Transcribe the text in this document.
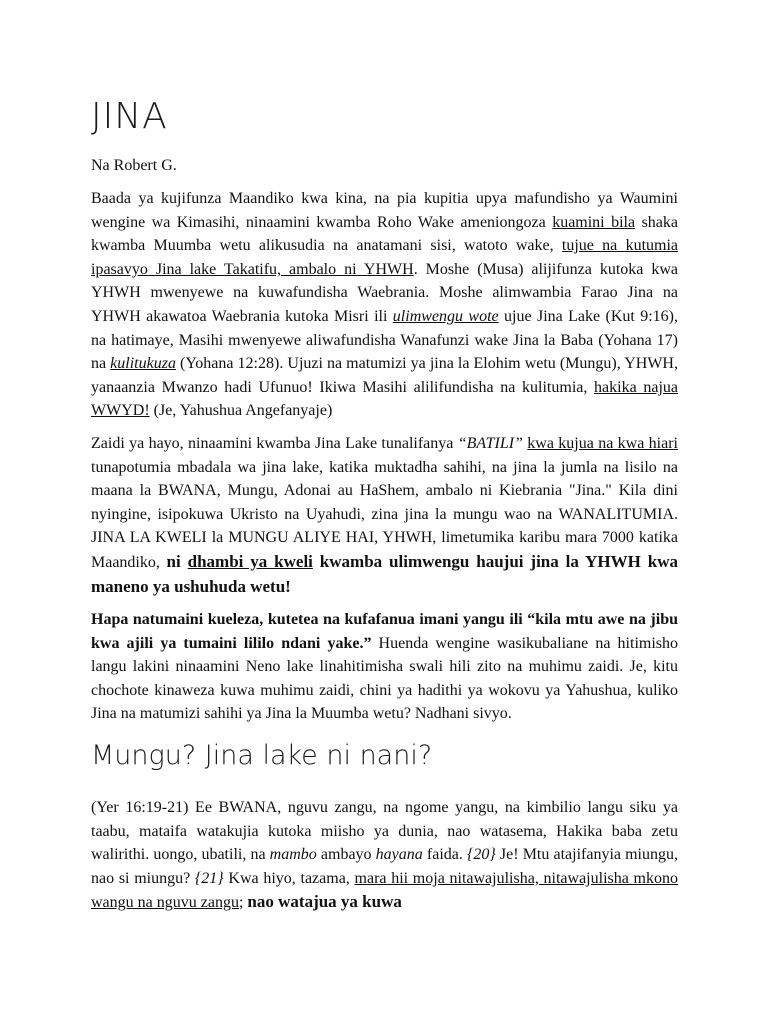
JINA

Na Robert G.

Baada ya kujifunza Maandiko kwa kina, na pia kupitia upya mafundisho ya Waumini wengine wa Kimasihi, ninaamini kwamba Roho Wake ameniongoza kuamini bila shaka kwamba Muumba wetu alikusudia na anatamani sisi, watoto wake, tujue na kutumia ipasavyo Jina lake Takatifu, ambalo ni YHWH. Moshe (Musa) alijifunza kutoka kwa YHWH mwenyewe na kuwafundisha Waebrania. Moshe alimwambia Farao Jina na YHWH akawatoa Waebrania kutoka Misri ili ulimwengu wote ujue Jina Lake (Kut 9:16), na hatimaye, Masihi mwenyewe aliwafundisha Wanafunzi wake Jina la Baba (Yohana 17) na kulitukuza (Yohana 12:28). Ujuzi na matumizi ya jina la Elohim wetu (Mungu), YHWH, yanaanzia Mwanzo hadi Ufunuo! Ikiwa Masihi alilifundisha na kulitumia, hakika najua WWYD! (Je, Yahushua Angefanyaje)

Zaidi ya hayo, ninaamini kwamba Jina Lake tunalifanya “BATILI” kwa kujua na kwa hiari tunapotumia mbadala wa jina lake, katika muktadha sahihi, na jina la jumla na lisilo na maana la BWANA, Mungu, Adonai au HaShem, ambalo ni Kiebrania "Jina." Kila dini nyingine, isipokuwa Ukristo na Uyahudi, zina jina la mungu wao na WANALITUMIA. JINA LA KWELI la MUNGU ALIYE HAI, YHWH, limetumika karibu mara 7000 katika Maandiko, ni dhambi ya kweli kwamba ulimwengu haujui jina la YHWH kwa maneno ya ushuhuda wetu!

Hapa natumaini kueleza, kutetea na kufafanua imani yangu ili “kila mtu awe na jibu kwa ajili ya tumaini lililo ndani yake.” Huenda wengine wasikubaliane na hitimisho langu lakini ninaamini Neno lake linahitimisha swali hili zito na muhimu zaidi. Je, kitu chochote kinaweza kuwa muhimu zaidi, chini ya hadithi ya wokovu ya Yahushua, kuliko Jina na matumizi sahihi ya Jina la Muumba wetu? Nadhani sivyo.

Mungu? Jina lake ni nani?

(Yer 16:19-21) Ee BWANA, nguvu zangu, na ngome yangu, na kimbilio langu siku ya taabu, mataifa watakujia kutoka miisho ya dunia, nao watasema, Hakika baba zetu walirithi. uongo, ubatili, na mambo ambayo hayana faida. {20} Je! Mtu atajifanyia miungu, nao si miungu? {21} Kwa hiyo, tazama, mara hii moja nitawajulisha, nitawajulisha mkono wangu na nguvu zangu; nao watajua ya kuwa
